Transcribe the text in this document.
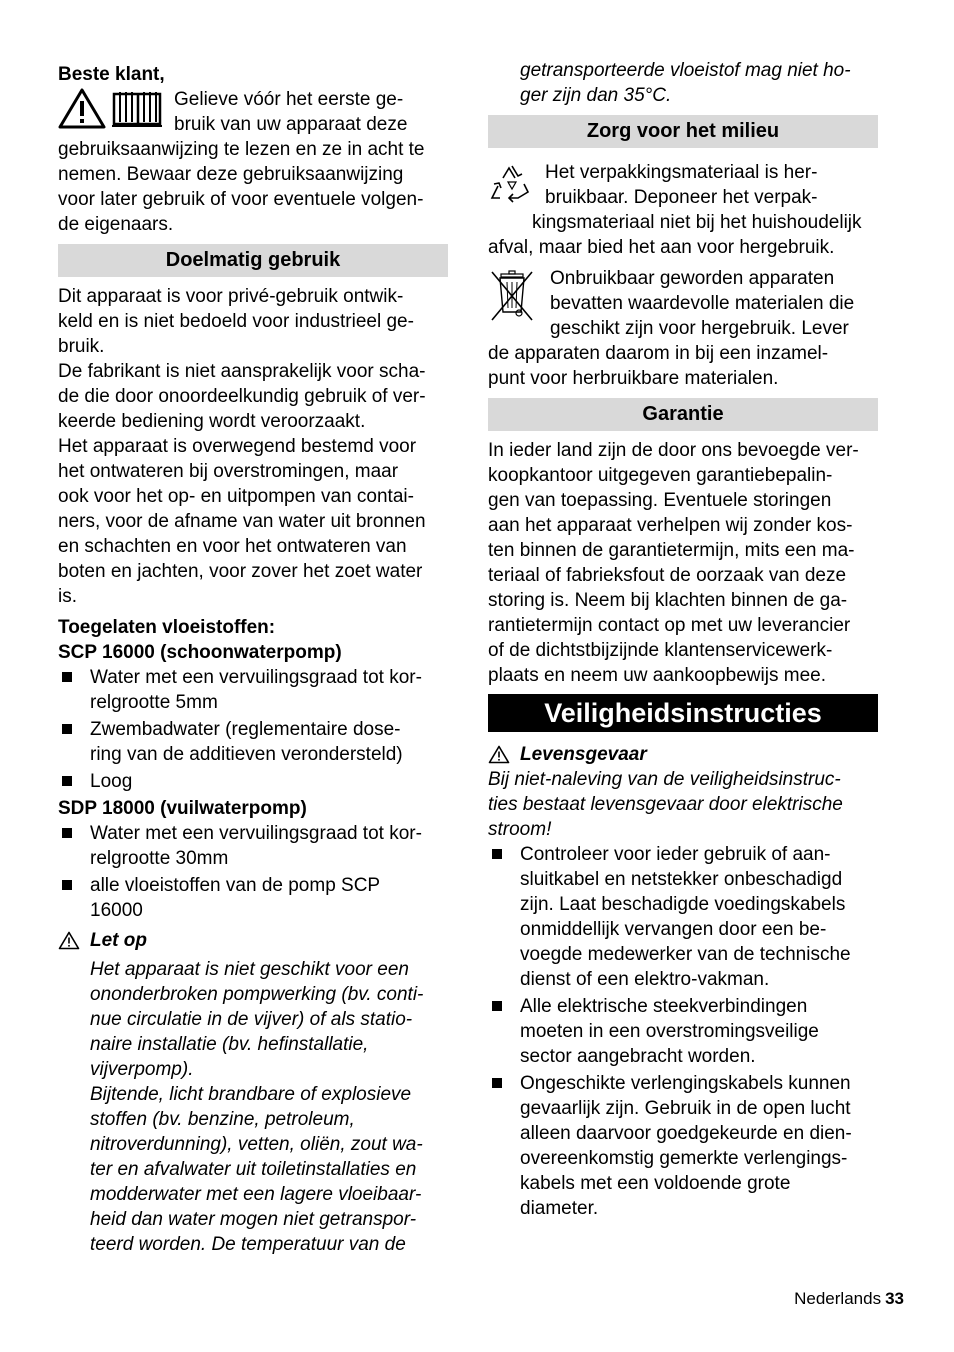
Beste klant,

Gelieve vóór het eerste ge-
bruik van uw apparaat deze
gebruiksaanwijzing te lezen en ze in acht te
nemen. Bewaar deze gebruiksaanwijzing
voor later gebruik of voor eventuele volgen-
de eigenaars.
Doelmatig gebruik
Dit apparaat is voor privé-gebruik ontwik-
keld en is niet bedoeld voor industrieel ge-
bruik.
De fabrikant is niet aansprakelijk voor scha-
de die door onoordeelkundig gebruik of ver-
keerde bediening wordt veroorzaakt.
Het apparaat is overwegend bestemd voor
het ontwateren bij overstromingen, maar
ook voor het op- en uitpompen van contai-
ners, voor de afname van water uit bronnen
en schachten en voor het ontwateren van
boten en jachten, voor zover het zoet water
is.
Toegelaten vloeistoffen:
SCP 16000 (schoonwaterpomp)
Water met een vervuilingsgraad tot kor-
relgrootte 5mm
Zwembadwater (reglementaire dose-
ring van de additieven verondersteld)
Loog
SDP 18000 (vuilwaterpomp)
Water met een vervuilingsgraad tot kor-
relgrootte 30mm
alle vloeistoffen van de pomp SCP
16000
Let op
Het apparaat is niet geschikt voor een
ononderbroken pompwerking (bv. conti-
nue circulatie in de vijver) of als statio-
naire installatie (bv. hefinstallatie,
vijverpomp).
Bijtende, licht brandbare of explosieve
stoffen (bv. benzine, petroleum,
nitroverdunning), vetten, oliën, zout wa-
ter en afvalwater uit toiletinstallaties en
modderwater met een lagere vloeibaar-
heid dan water mogen niet getranspor-
teerd worden. De temperatuur van de
getransporteerde vloeistof mag niet ho-
ger zijn dan 35°C.
Zorg voor het milieu
Het verpakkingsmateriaal is her-
bruikbaar. Deponeer het verpak-
kingsmateriaal niet bij het huishoudelijk
afval, maar bied het aan voor hergebruik.
Onbruikbaar geworden apparaten
bevatten waardevolle materialen die
geschikt zijn voor hergebruik. Lever
de apparaten daarom in bij een inzamel-
punt voor herbruikbare materialen.
Garantie
In ieder land zijn de door ons bevoegde ver-
koopkantoor uitgegeven garantiebepalin-
gen van toepassing. Eventuele storingen
aan het apparaat verhelpen wij zonder kos-
ten binnen de garantietermijn, mits een ma-
teriaal of fabrieksfout de oorzaak van deze
storing is. Neem bij klachten binnen de ga-
rantietermijn contact op met uw leverancier
of de dichtstbijzijnde klantenservicewerk-
plaats en neem uw aankoopbewijs mee.
Veiligheidsinstructies
Levensgevaar
Bij niet-naleving van de veiligheidsinstruc-
ties bestaat levensgevaar door elektrische
stroom!
Controleer voor ieder gebruik of aan-
sluitkabel en netstekker onbeschadigd
zijn. Laat beschadigde voedingskabels
onmiddellijk vervangen door een be-
voegde medewerker van de technische
dienst of een elektro-vakman.
Alle elektrische steekverbindingen
moeten in een overstromingsveilige
sector aangebracht worden.
Ongeschikte verlengingskabels kunnen
gevaarlijk zijn. Gebruik in de open lucht
alleen daarvoor goedgekeurde en dien-
overeenkomstig gemerkte verlengings-
kabels met een voldoende grote
diameter.
Nederlands 33
